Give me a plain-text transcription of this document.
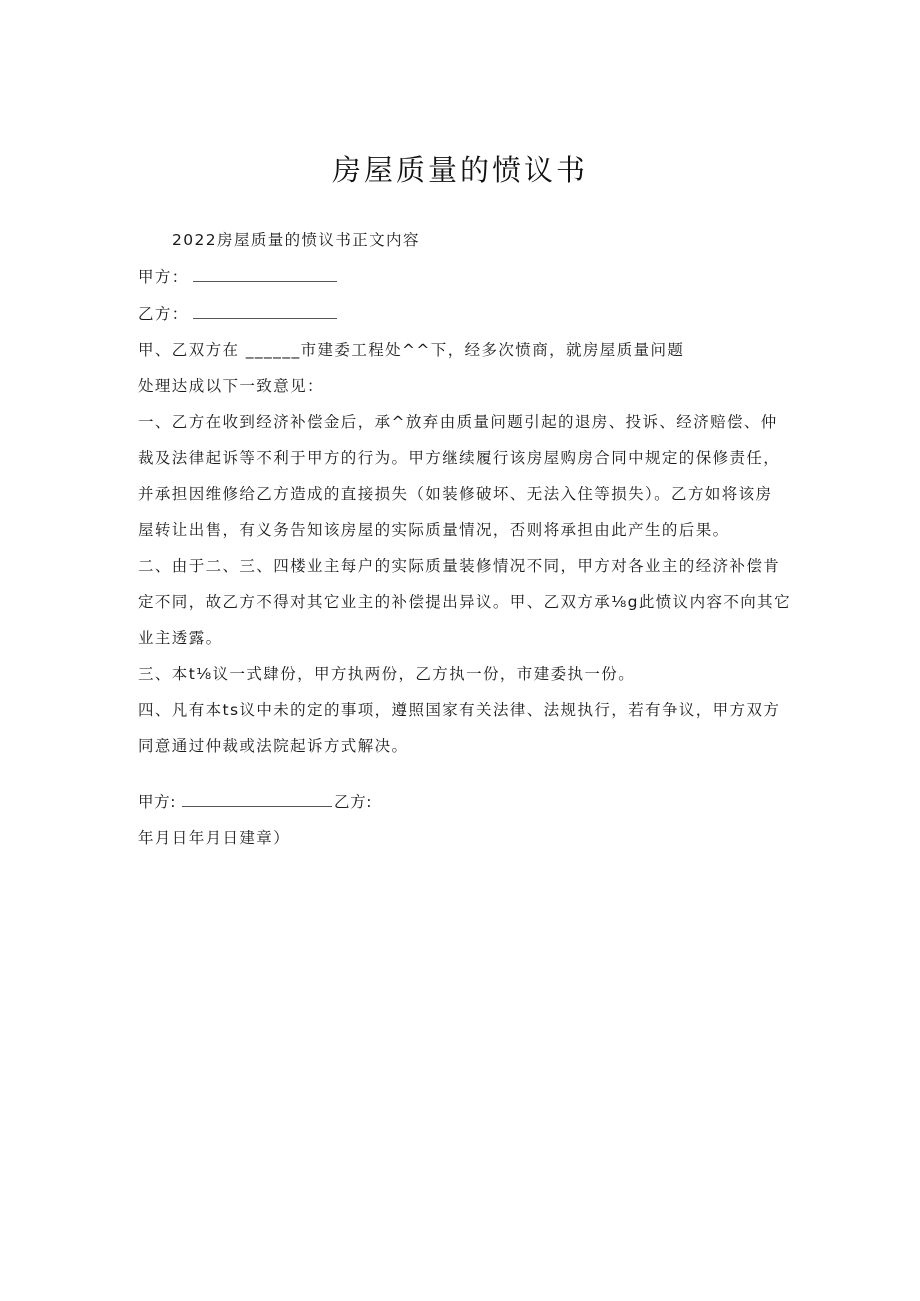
房屋质量的愤议书
2022房屋质量的愤议书正文内容
甲方：
乙方：
甲、乙双方在 ______市建委工程处^^下，经多次愤商，就房屋质量问题
处理达成以下一致意见：
一、乙方在收到经济补偿金后，承^放弃由质量问题引起的退房、投诉、经济赔偿、仲
裁及法律起诉等不利于甲方的行为。甲方继续履行该房屋购房合同中规定的保修责任，
并承担因维修给乙方造成的直接损失（如装修破坏、无法入住等损失）。乙方如将该房
屋转让出售，有义务告知该房屋的实际质量情况，否则将承担由此产生的后果。
二、由于二、三、四楼业主每户的实际质量装修情况不同，甲方对各业主的经济补偿肯
定不同，故乙方不得对其它业主的补偿提出异议。甲、乙双方承⅛g此愤议内容不向其它
业主透露。
三、本t⅛议一式肆份，甲方执两份，乙方执一份，市建委执一份。
四、凡有本ts议中未的定的事项，遵照国家有关法律、法规执行，若有争议，甲方双方
同意通过仲裁或法院起诉方式解决。
甲方:	乙方:
年月日年月日建章）
